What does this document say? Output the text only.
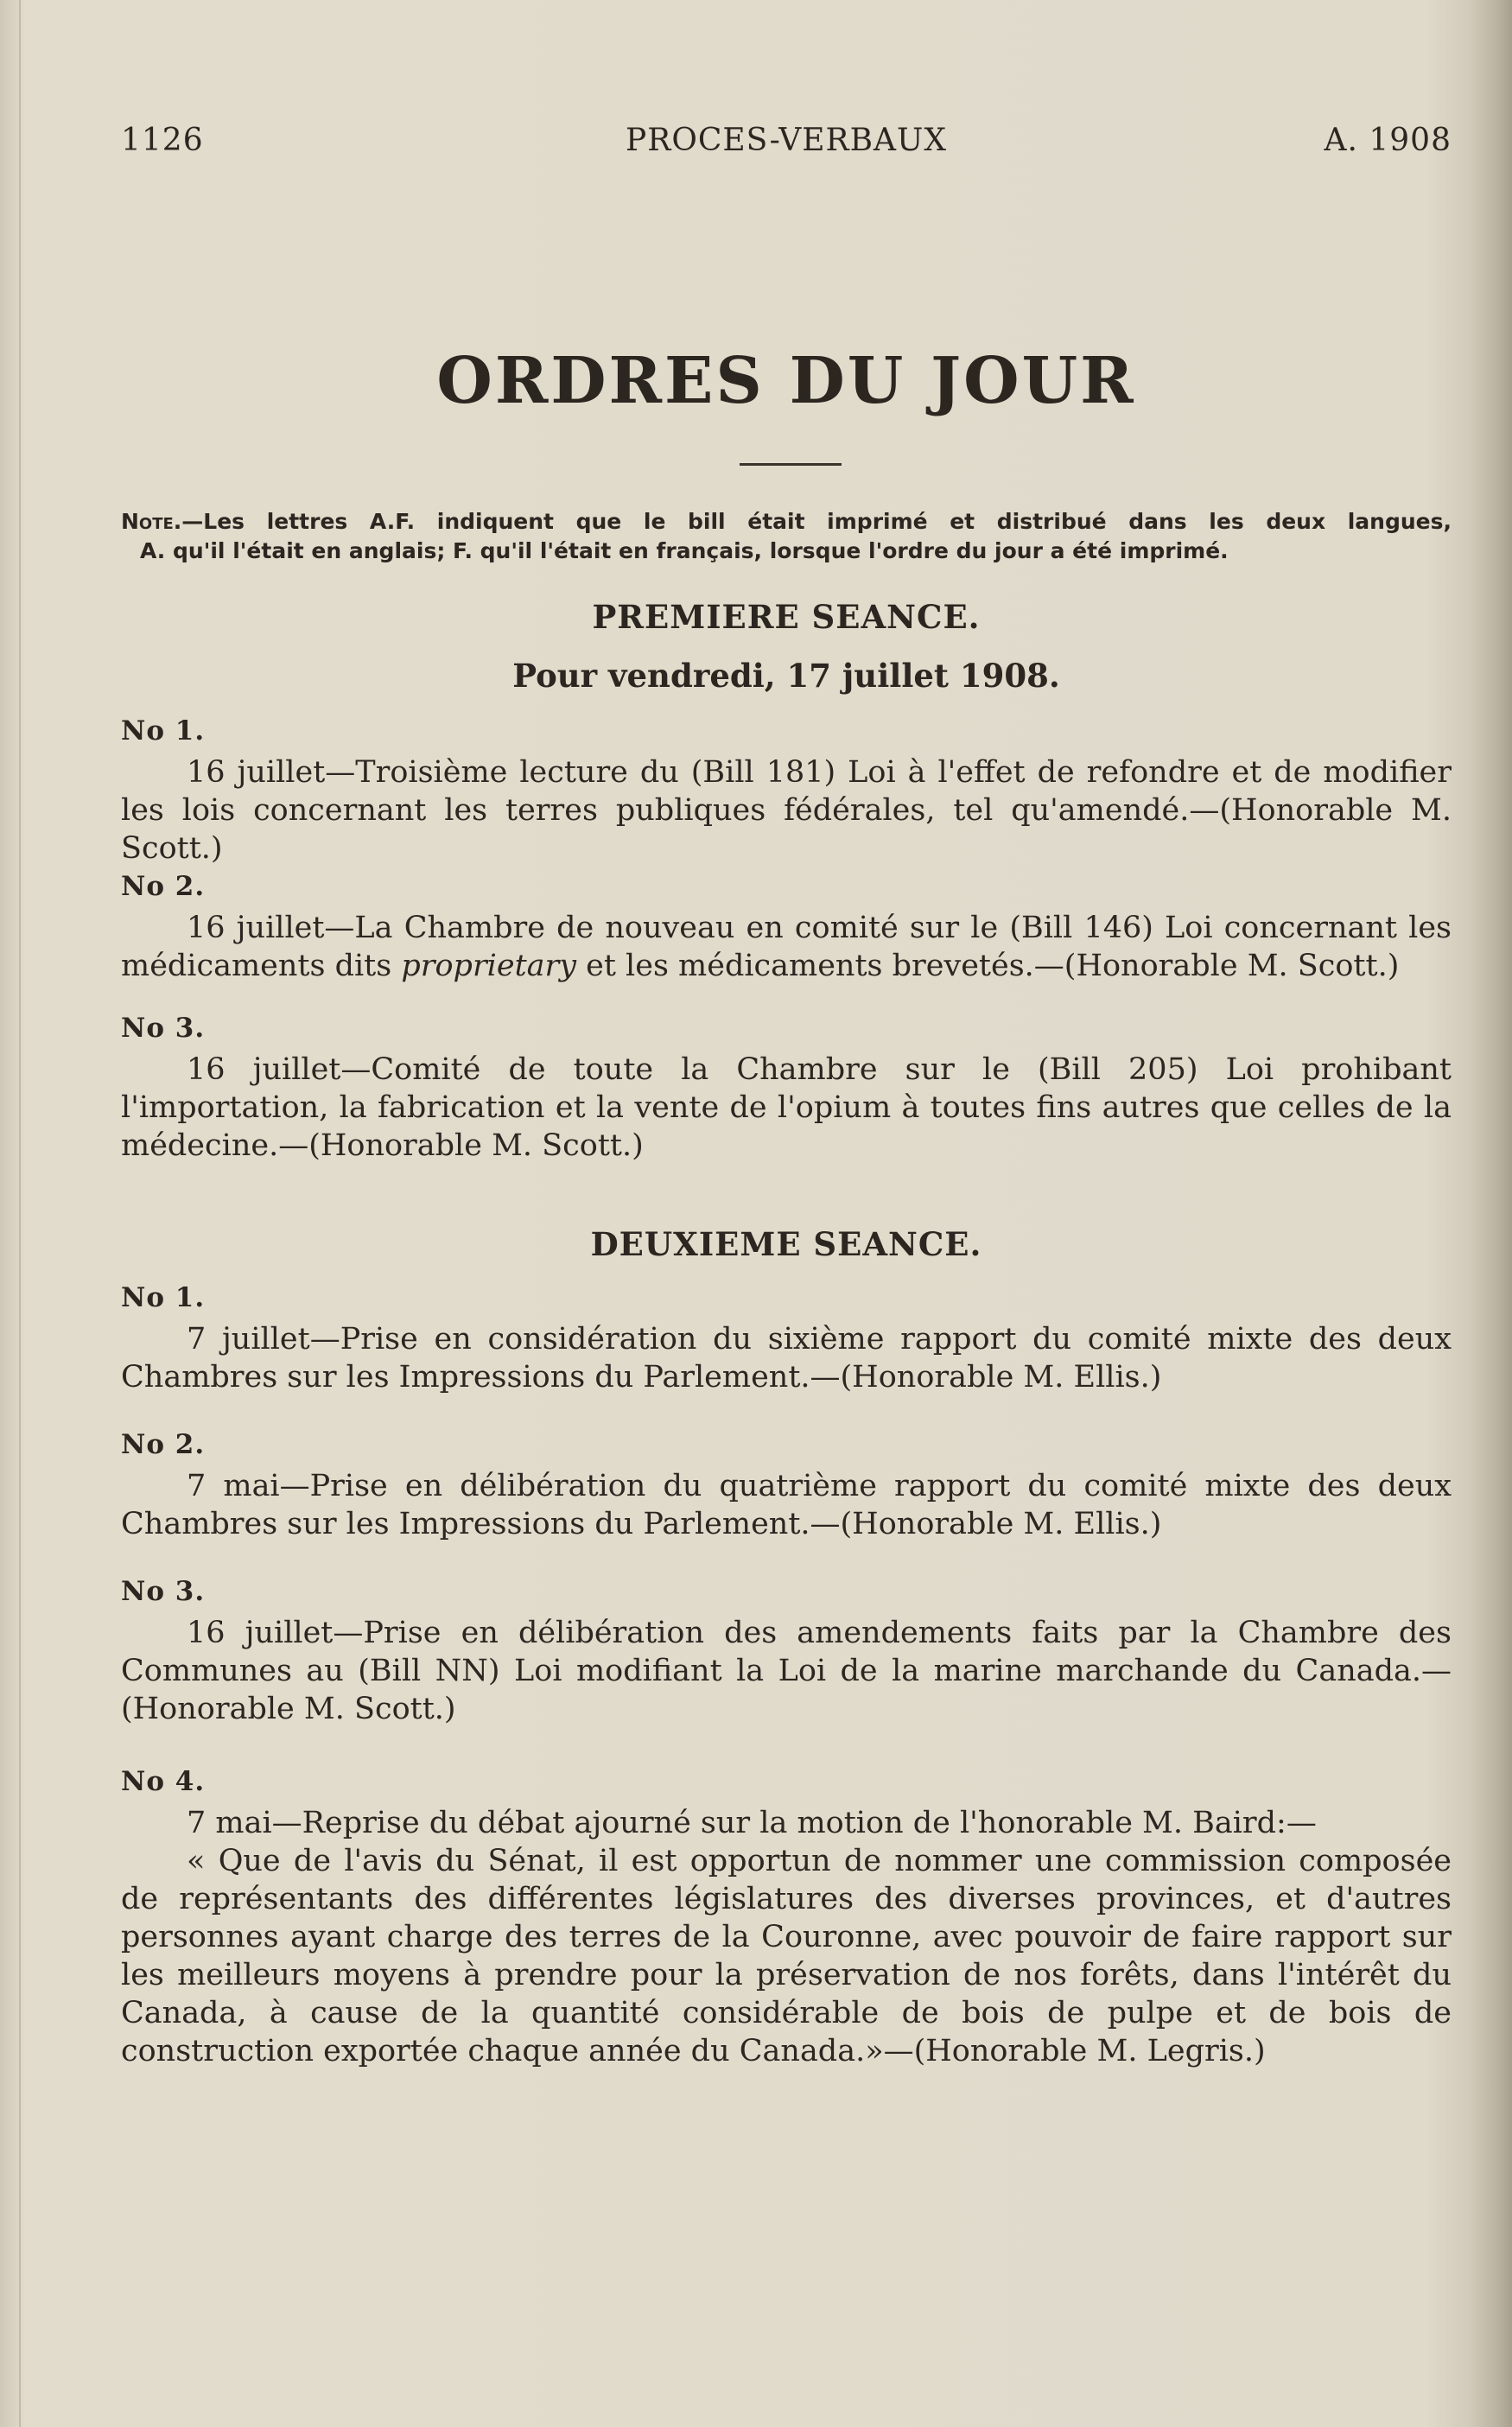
1126	PROCES-VERBAUX	A. 1908
ORDRES DU JOUR

Note.—Les lettres A.F. indiquent que le bill était imprimé et distribué dans les deux langues,

A. qu'il l'était en anglais; F. qu'il l'était en français, lorsque l'ordre du jour a été imprimé.

PREMIERE SEANCE.
Pour vendredi, 17 juillet 1908.
No 1.

16 juillet—Troisième lecture du (Bill 181) Loi à l'effet de refondre et de modifier les lois concernant les terres publiques fédérales, tel qu'amendé.—(Honorable M. Scott.)

No 2.

16 juillet—La Chambre de nouveau en comité sur le (Bill 146) Loi concernant les médicaments dits proprietary et les médicaments brevetés.—(Honorable M. Scott.)

No 3.

16 juillet—Comité de toute la Chambre sur le (Bill 205) Loi prohibant l'importation, la fabrication et la vente de l'opium à toutes fins autres que celles de la médecine.—(Honorable M. Scott.)

DEUXIEME SEANCE.
No 1.

7 juillet—Prise en considération du sixième rapport du comité mixte des deux Chambres sur les Impressions du Parlement.—(Honorable M. Ellis.)

No 2.

7 mai—Prise en délibération du quatrième rapport du comité mixte des deux Chambres sur les Impressions du Parlement.—(Honorable M. Ellis.)

No 3.

16 juillet—Prise en délibération des amendements faits par la Chambre des Communes au (Bill NN) Loi modifiant la Loi de la marine marchande du Canada.—(Honorable M. Scott.)

No 4.

7 mai—Reprise du débat ajourné sur la motion de l'honorable M. Baird:—

« Que de l'avis du Sénat, il est opportun de nommer une commission composée de représentants des différentes législatures des diverses provinces, et d'autres personnes ayant charge des terres de la Couronne, avec pouvoir de faire rapport sur les meilleurs moyens à prendre pour la préservation de nos forêts, dans l'intérêt du Canada, à cause de la quantité considérable de bois de pulpe et de bois de construction exportée chaque année du Canada.»—(Honorable M. Legris.)
